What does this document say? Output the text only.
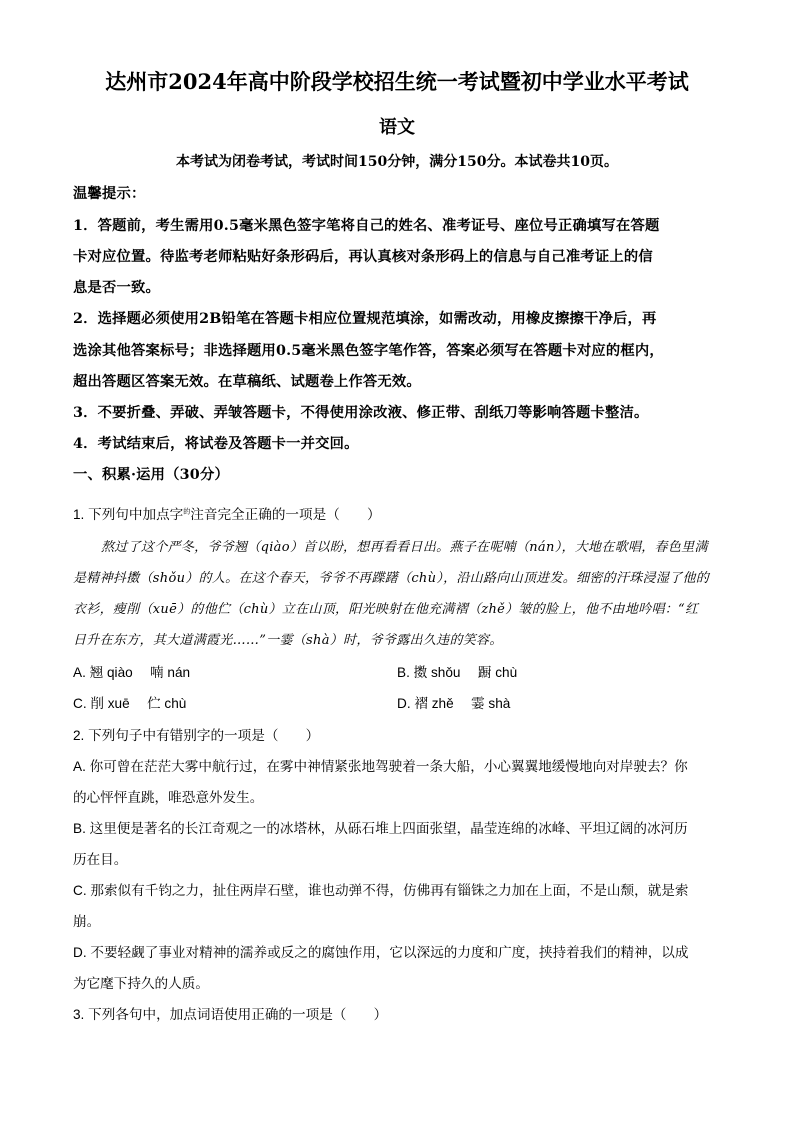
达州市2024年高中阶段学校招生统一考试暨初中学业水平考试
语文
本考试为闭卷考试，考试时间150分钟，满分150分。本试卷共10页。
温馨提示：
1．答题前，考生需用0.5毫米黑色签字笔将自己的姓名、准考证号、座位号正确填写在答题
卡对应位置。待监考老师粘贴好条形码后，再认真核对条形码上的信息与自己准考证上的信
息是否一致。
2．选择题必须使用2B铅笔在答题卡相应位置规范填涂，如需改动，用橡皮擦擦干净后，再
选涂其他答案标号；非选择题用0.5毫米黑色签字笔作答，答案必须写在答题卡对应的框内，
超出答题区答案无效。在草稿纸、试题卷上作答无效。
3．不要折叠、弄破、弄皱答题卡，不得使用涂改液、修正带、刮纸刀等影响答题卡整洁。
4．考试结束后，将试卷及答题卡一并交回。
一、积累·运用（30分）
1. 下列句中加点字$^的$注音完全正确的一项是（　　）
熬过了这个严冬，爷爷翘（qiào）首以盼，想再看看日出。燕子在呢喃（nán），大地在歌唱，春色里满
是精神抖擞（shǒu）的人。在这个春天，爷爷不再蹀躇（chù），沿山路向山顶进发。细密的汗珠浸湿了他的
衣衫，瘦削（xuē）的他伫（chù）立在山顶，阳光映射在他充满褶（zhě）皱的脸上，他不由地吟唱：“红
日升在东方，其大道满霞光……”一霎（shà）时，爷爷露出久违的笑容。
A. 翘 qiào　 喃 nán	B. 擞 shǒu　 蹰 chù
C. 削 xuē　 伫 chù	D. 褶 zhě　 霎 shà
2. 下列句子中有错别字的一项是（　　）
A. 你可曾在茫茫大雾中航行过，在雾中神情紧张地驾驶着一条大船，小心翼翼地缓慢地向对岸驶去？你
的心怦怦直跳，唯恐意外发生。
B. 这里便是著名的长江奇观之一的冰塔林，从砾石堆上四面张望，晶莹连绵的冰峰、平坦辽阔的冰河历
历在目。
C. 那索似有千钧之力，扯住两岸石壁，谁也动弹不得，仿佛再有锱铢之力加在上面，不是山颓，就是索
崩。
D. 不要轻觑了事业对精神的濡养或反之的腐蚀作用，它以深远的力度和广度，挟持着我们的精神，以成
为它麾下持久的人质。
3. 下列各句中，加点词语使用正确的一项是（　　）
